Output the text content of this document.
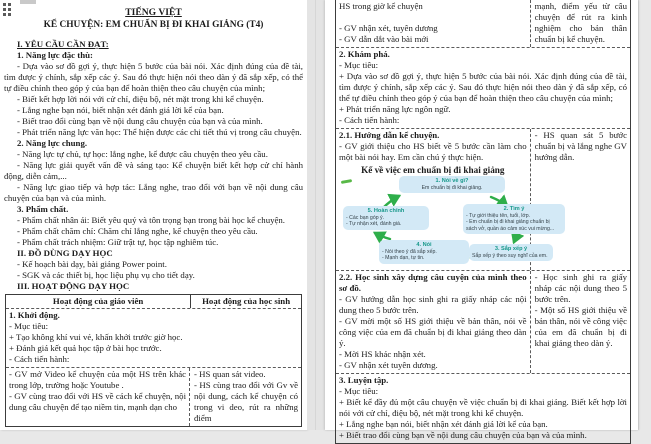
TIẾNG VIỆT
KỂ CHUYỆN: EM CHUẨN BỊ ĐI KHAI GIẢNG (T4)
I. YÊU CẦU CẦN ĐẠT:
1. Năng lực đặc thù:
- Dựa vào sơ đồ gợi ý, thực hiện 5 bước của bài nói. Xác định đúng của đề tài, tìm được ý chính, sắp xếp các ý. Sau đó thực hiện nói theo dàn ý đã sắp xếp, có thể tự điều chỉnh theo góp ý của bạn để hoàn thiện theo câu chuyện của mình;
- Biết kết hợp lời nói với cử chỉ, điệu bộ, nét mặt trong khi kể chuyện.
- Lắng nghe bạn nói, biết nhận xét đánh giá lời kể của bạn.
- Biết trao đổi cùng bạn về nội dung câu chuyện của bạn và của mình.
- Phát triển năng lực văn học: Thể hiện được các chi tiết thú vị trong câu chuyện.
2. Năng lực chung.
- Năng lực tự chủ, tự học: lắng nghe, kể được câu chuyện theo yêu cầu.
- Năng lực giải quyết vấn đề và sáng tạo: Kể chuyện biết kết hợp cử chỉ hành động, diễn cảm,...
- Năng lực giao tiếp và hợp tác: Lắng nghe, trao đổi với bạn về nội dung câu chuyện của bạn và của mình.
3. Phẩm chất.
- Phẩm chất nhân ái: Biết yêu quý và tôn trọng bạn trong bài học kể chuyện.
- Phẩm chất chăm chỉ: Chăm chỉ lắng nghe, kể chuyện theo yêu cầu.
- Phẩm chất trách nhiệm: Giữ trật tự, học tập nghiêm túc.
II. ĐỒ DÙNG DẠY HỌC
- Kế hoạch bài dạy, bài giảng Power point.
- SGK và các thiết bị, học liệu phụ vụ cho tiết dạy.
III. HOẠT ĐỘNG DẠY HỌC
Hoạt động của giáo viên	Hoạt động của học sinh
1. Khởi động.
- Mục tiêu:
+ Tạo không khí vui vẻ, khấn khởi trước giờ học.
+ Đánh giá kết quả học tập ở bài học trước.
- Cách tiến hành:
- GV mở Video kể chuyện của một HS trên khác trong lớp, trường hoặc Youtube .
- GV cùng trao đổi với HS về cách kể chuyện, nội dung câu chuyện để tạo niềm tin, mạnh dạn cho
- HS quan sát video.
- HS cùng trao đổi với Gv về nội dung, cách kể chuyện có trong vi deo, rút ra những điểm
HS trong giờ kể chuyện
- GV nhận xét, tuyên dương
- GV dẫn dắt vào bài mới
mạnh, điểm yếu từ câu chuyện để rút ra kinh nghiệm cho bản thân chuẩn bị kể chuyện.
2. Khám phá.
- Mục tiêu:
+ Dựa vào sơ đồ gợi ý, thực hiện 5 bước của bài nói. Xác định đúng của đề tài, tìm được ý chính, sắp xếp các ý. Sau đó thực hiện nói theo dàn ý đã sắp xếp, có thể tự điều chỉnh theo góp ý của bạn để hoàn thiện theo câu chuyện của mình;
+ Phát triển năng lực ngôn ngữ.
- Cách tiến hành:
2.1. Hướng dẫn kể chuyện.
- GV giới thiệu cho HS biết về 5 bước cần làm cho một bài nói hay. Em cần chú ý thực hiện.
Kể về việc em chuẩn bị đi khai giảng
1. Nói về gì?
Em chuẩn bị đi khai giảng.
2. Tìm ý
- Tự giới thiệu tên, tuổi, lớp.
- Em chuẩn bị đi khai giảng chuẩn bị sách vở, quần áo cảm xúc vui mừng...
5. Hoàn chỉnh
- Các bạn góp ý.
- Tự nhận xét, đánh giá.
4. Nói
- Nói theo ý đã sắp xếp.
- Mạnh dạn, tự tin.
3. Sắp xếp ý
Sắp xếp ý theo suy nghĩ của em.
- HS quan sát 5 bước chuẩn bị và lắng nghe GV hướng dẫn.
2.2. Học sinh xây dựng câu cuyện của mình theo sơ đồ.
- GV hướng dẫn học sinh ghi ra giấy nháp các nội dung theo 5 bước trên.
- GV mời một số HS giới thiệu về bản thân, nói về công việc của em đã chuẩn bị đi khai giảng theo dàn ý.
- Mời HS khác nhận xét.
- GV nhận xét tuyên dương.
- Học sinh ghi ra giấy nháp các nội dung theo 5 bước trên.
- Một số HS giới thiệu về bản thân, nói về công việc của em đã chuẩn bị đi khai giảng theo dàn ý.
3. Luyện tập.
- Mục tiêu:
+ Biết kể đầy đủ một câu chuyện về việc chuẩn bị đi khai giảng. Biết kết hợp lời nói với cử chỉ, điệu bộ, nét mặt trong khi kể chuyện.
+ Lắng nghe bạn nói, biết nhận xét đánh giá lời kể của bạn.
+ Biết trao đổi cùng bạn về nội dung câu chuyện của bạn và của mình.
